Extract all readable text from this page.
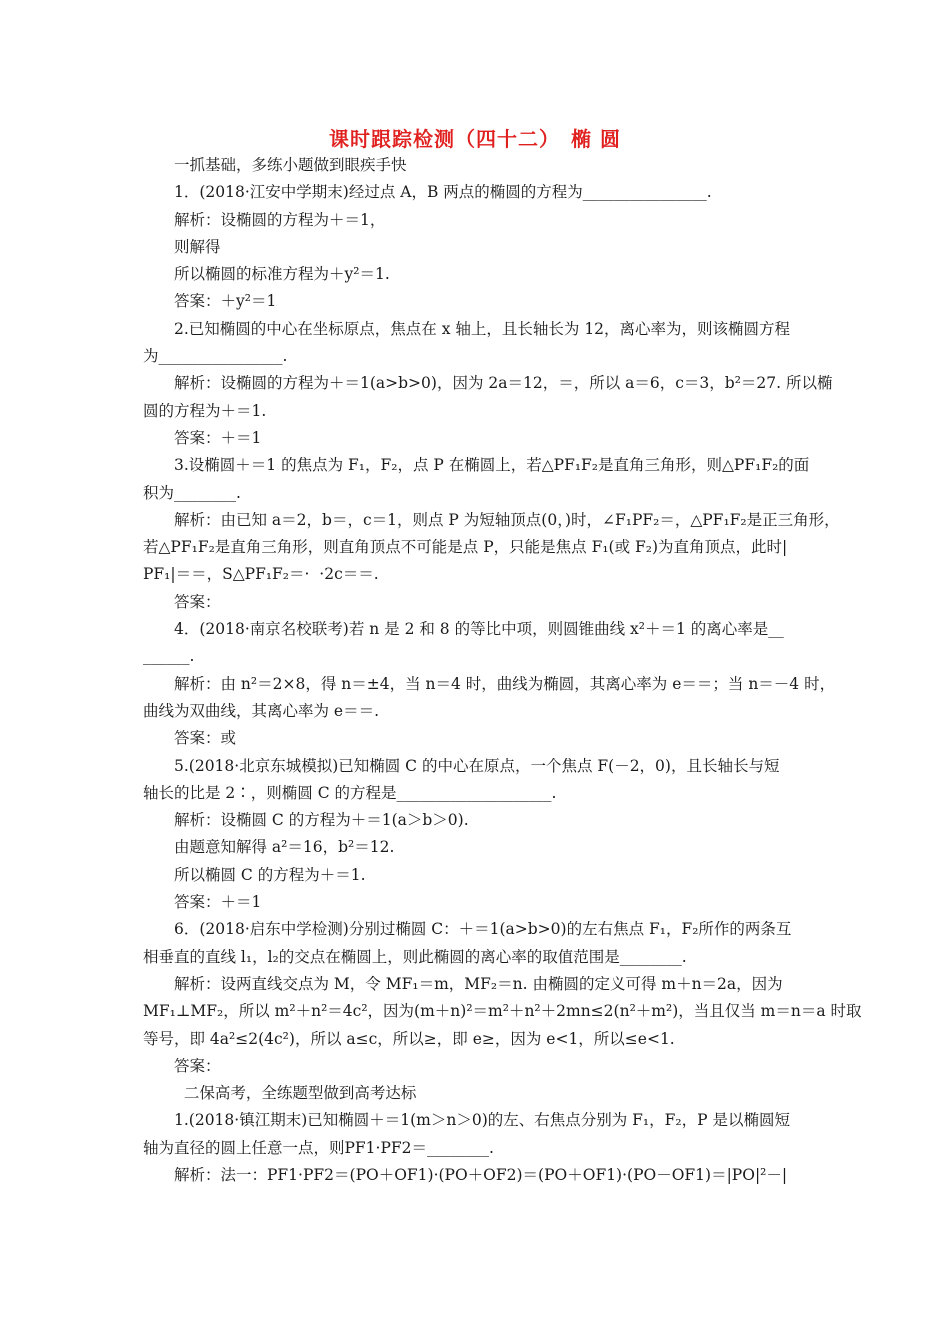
课时跟踪检测（四十二）　椭 圆
一抓基础，多练小题做到眼疾手快
1．(2018·江安中学期末)经过点 A，B 两点的椭圆的方程为________________.
解析：设椭圆的方程为＋＝1，
则解得
所以椭圆的标准方程为＋y²＝1.
答案：＋y²＝1
2.已知椭圆的中心在坐标原点，焦点在 x 轴上，且长轴长为 12，离心率为，则该椭圆方程
为________________.
解析：设椭圆的方程为＋＝1(a>b>0)，因为 2a＝12，＝，所以 a＝6，c＝3，b²＝27. 所以椭
圆的方程为＋＝1.
答案：＋＝1
3.设椭圆＋＝1 的焦点为 F₁，F₂，点 P 在椭圆上，若△PF₁F₂是直角三角形，则△PF₁F₂的面
积为________.
解析：由已知 a＝2，b＝，c＝1，则点 P 为短轴顶点(0，)时，∠F₁PF₂＝，△PF₁F₂是正三角形，
若△PF₁F₂是直角三角形，则直角顶点不可能是点 P，只能是焦点 F₁(或 F₂)为直角顶点，此时|
PF₁|＝＝，S△PF₁F₂＝·  ·2c＝＝.
答案：
4．(2018·南京名校联考)若 n 是 2 和 8 的等比中项，则圆锥曲线 x²＋＝1 的离心率是__
______.
解析：由 n²＝2×8，得 n＝±4，当 n＝4 时，曲线为椭圆，其离心率为 e＝＝；当 n＝－4 时，
曲线为双曲线，其离心率为 e＝＝.
答案：或
5.(2018·北京东城模拟)已知椭圆 C 的中心在原点，一个焦点 F(－2，0)，且长轴长与短
轴长的比是 2∶，则椭圆 C 的方程是____________________.
解析：设椭圆 C 的方程为＋＝1(a＞b＞0).
由题意知解得 a²＝16，b²＝12.
所以椭圆 C 的方程为＋＝1.
答案：＋＝1
6．(2018·启东中学检测)分别过椭圆 C：＋＝1(a>b>0)的左右焦点 F₁，F₂所作的两条互
相垂直的直线 l₁，l₂的交点在椭圆上，则此椭圆的离心率的取值范围是________.
解析：设两直线交点为 M，令 MF₁＝m，MF₂＝n. 由椭圆的定义可得 m＋n＝2a，因为
MF₁⊥MF₂，所以 m²＋n²＝4c²，因为(m＋n)²＝m²＋n²＋2mn≤2(n²＋m²)，当且仅当 m＝n＝a 时取
等号，即 4a²≤2(4c²)，所以 a≤c，所以≥，即 e≥，因为 e<1，所以≤e<1.
答案：
二保高考，全练题型做到高考达标
1.(2018·镇江期末)已知椭圆＋＝1(m＞n＞0)的左、右焦点分别为 F₁，F₂，P 是以椭圆短
轴为直径的圆上任意一点，则PF1·PF2＝________.
解析：法一：PF1·PF2＝(PO＋OF1)·(PO＋OF2)＝(PO＋OF1)·(PO－OF1)＝|PO|²－|
